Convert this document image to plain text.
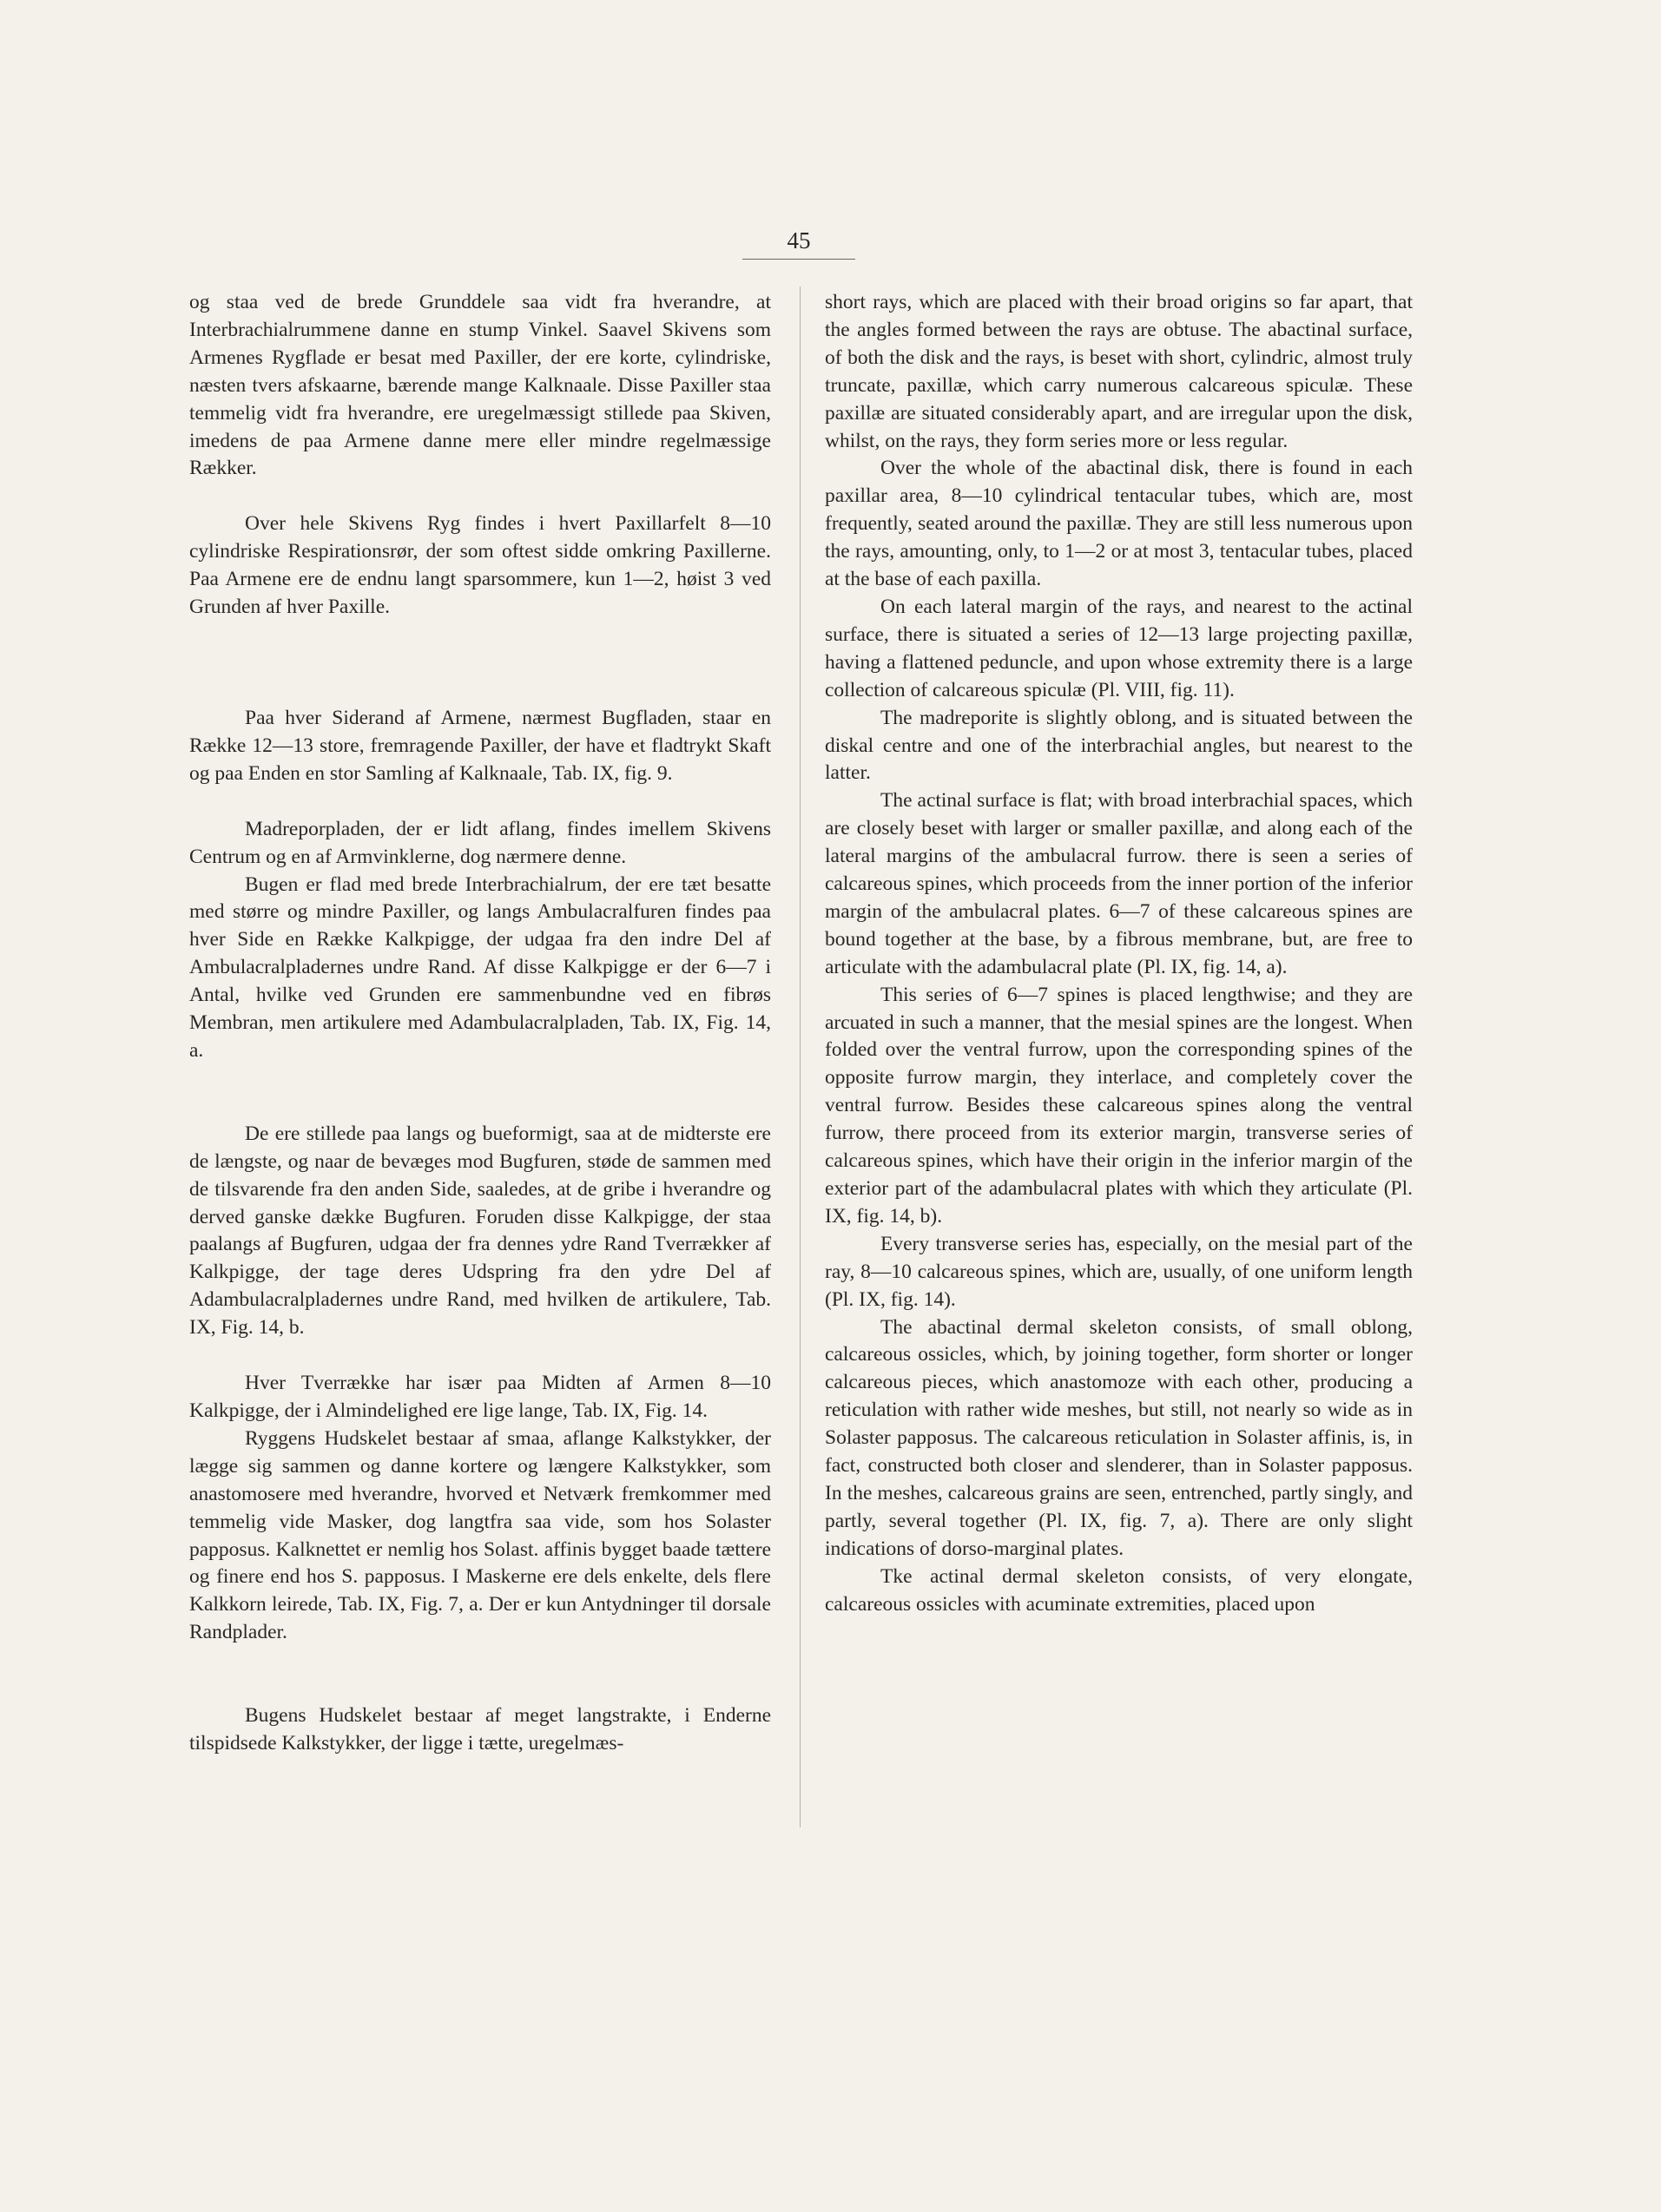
45

og staa ved de brede Grunddele saa vidt fra hverandre, at Interbrachialrummene danne en stump Vinkel. Saavel Skivens som Armenes Rygflade er besat med Paxiller, der ere korte, cylindriske, næsten tvers afskaarne, bærende mange Kalknaale. Disse Paxiller staa temmelig vidt fra hverandre, ere uregelmæssigt stillede paa Skiven, imedens de paa Armene danne mere eller mindre regelmæssige Rækker.

Over hele Skivens Ryg findes i hvert Paxillarfelt 8—10 cylindriske Respirationsrør, der som oftest sidde omkring Paxillerne. Paa Armene ere de endnu langt sparsommere, kun 1—2, høist 3 ved Grunden af hver Paxille.

Paa hver Siderand af Armene, nærmest Bugfladen, staar en Række 12—13 store, fremragende Paxiller, der have et fladtrykt Skaft og paa Enden en stor Samling af Kalknaale, Tab. IX, fig. 9.

Madreporpladen, der er lidt aflang, findes imellem Skivens Centrum og en af Armvinklerne, dog nærmere denne.

Bugen er flad med brede Interbrachialrum, der ere tæt besatte med større og mindre Paxiller, og langs Ambulacralfuren findes paa hver Side en Række Kalkpigge, der udgaa fra den indre Del af Ambulacralpladernes undre Rand. Af disse Kalkpigge er der 6—7 i Antal, hvilke ved Grunden ere sammenbundne ved en fibrøs Membran, men artikulere med Adambulacralpladen, Tab. IX, Fig. 14, a.

De ere stillede paa langs og bueformigt, saa at de midterste ere de længste, og naar de bevæges mod Bugfuren, støde de sammen med de tilsvarende fra den anden Side, saaledes, at de gribe i hverandre og derved ganske dække Bugfuren. Foruden disse Kalkpigge, der staa paalangs af Bugfuren, udgaa der fra dennes ydre Rand Tverrækker af Kalkpigge, der tage deres Udspring fra den ydre Del af Adambulacralpladernes undre Rand, med hvilken de artikulere, Tab. IX, Fig. 14, b.

Hver Tverrække har især paa Midten af Armen 8—10 Kalkpigge, der i Almindelighed ere lige lange, Tab. IX, Fig. 14.

Ryggens Hudskelet bestaar af smaa, aflange Kalkstykker, der lægge sig sammen og danne kortere og længere Kalkstykker, som anastomosere med hverandre, hvorved et Netværk fremkommer med temmelig vide Masker, dog langtfra saa vide, som hos Solaster papposus. Kalknettet er nemlig hos Solast. affinis bygget baade tættere og finere end hos S. papposus. I Maskerne ere dels enkelte, dels flere Kalkkorn leirede, Tab. IX, Fig. 7, a. Der er kun Antydninger til dorsale Randplader.

Bugens Hudskelet bestaar af meget langstrakte, i Enderne tilspidsede Kalkstykker, der ligge i tætte, uregelmæs-

short rays, which are placed with their broad origins so far apart, that the angles formed between the rays are obtuse. The abactinal surface, of both the disk and the rays, is beset with short, cylindric, almost truly truncate, paxillæ, which carry numerous calcareous spiculæ. These paxillæ are situated considerably apart, and are irregular upon the disk, whilst, on the rays, they form series more or less regular.

Over the whole of the abactinal disk, there is found in each paxillar area, 8—10 cylindrical tentacular tubes, which are, most frequently, seated around the paxillæ. They are still less numerous upon the rays, amounting, only, to 1—2 or at most 3, tentacular tubes, placed at the base of each paxilla.

On each lateral margin of the rays, and nearest to the actinal surface, there is situated a series of 12—13 large projecting paxillæ, having a flattened peduncle, and upon whose extremity there is a large collection of calcareous spiculæ (Pl. VIII, fig. 11).

The madreporite is slightly oblong, and is situated between the diskal centre and one of the interbrachial angles, but nearest to the latter.

The actinal surface is flat; with broad interbrachial spaces, which are closely beset with larger or smaller paxillæ, and along each of the lateral margins of the ambulacral furrow. there is seen a series of calcareous spines, which proceeds from the inner portion of the inferior margin of the ambulacral plates. 6—7 of these calcareous spines are bound together at the base, by a fibrous membrane, but, are free to articulate with the adambulacral plate (Pl. IX, fig. 14, a).

This series of 6—7 spines is placed lengthwise; and they are arcuated in such a manner, that the mesial spines are the longest. When folded over the ventral furrow, upon the corresponding spines of the opposite furrow margin, they interlace, and completely cover the ventral furrow. Besides these calcareous spines along the ventral furrow, there proceed from its exterior margin, transverse series of calcareous spines, which have their origin in the inferior margin of the exterior part of the adambulacral plates with which they articulate (Pl. IX, fig. 14, b).

Every transverse series has, especially, on the mesial part of the ray, 8—10 calcareous spines, which are, usually, of one uniform length (Pl. IX, fig. 14).

The abactinal dermal skeleton consists, of small oblong, calcareous ossicles, which, by joining together, form shorter or longer calcareous pieces, which anastomoze with each other, producing a reticulation with rather wide meshes, but still, not nearly so wide as in Solaster papposus. The calcareous reticulation in Solaster affinis, is, in fact, constructed both closer and slenderer, than in Solaster papposus. In the meshes, calcareous grains are seen, entrenched, partly singly, and partly, several together (Pl. IX, fig. 7, a). There are only slight indications of dorso-marginal plates.

Tke actinal dermal skeleton consists, of very elongate, calcareous ossicles with acuminate extremities, placed upon
